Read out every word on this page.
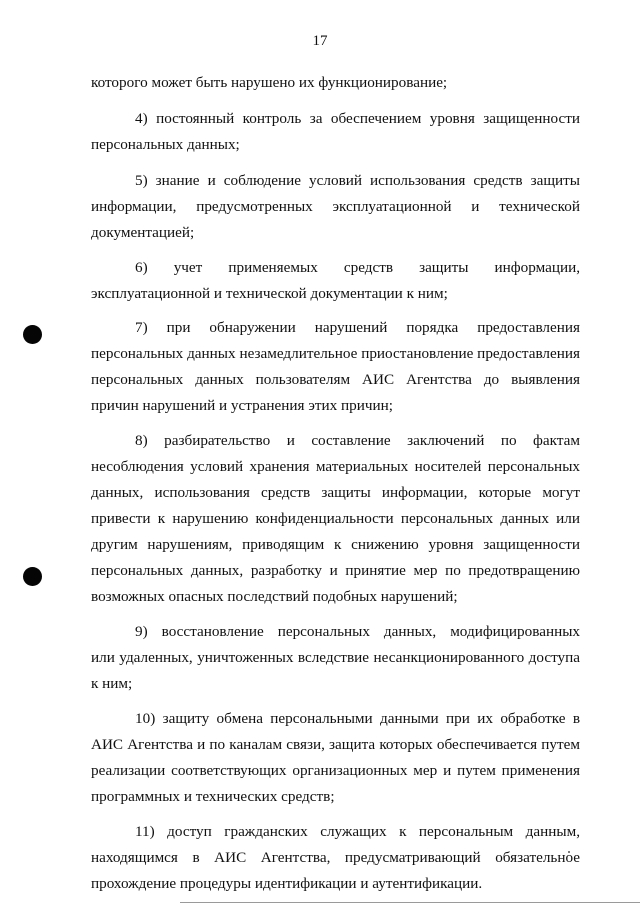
17
которого может быть нарушено их функционирование;
4) постоянный контроль за обеспечением уровня защищенности
персональных данных;
5) знание и соблюдение условий использования средств защиты
информации, предусмотренных эксплуатационной и технической
документацией;
6) учет применяемых средств защиты информации,
эксплуатационной и технической документации к ним;
7) при обнаружении нарушений порядка предоставления
персональных данных незамедлительное приостановление предоставления
персональных данных пользователям АИС Агентства до выявления
причин нарушений и устранения этих причин;
8) разбирательство и составление заключений по фактам
несоблюдения условий хранения материальных носителей персональных
данных, использования средств защиты информации, которые могут
привести к нарушению конфиденциальности персональных данных или
другим нарушениям, приводящим к снижению уровня защищенности
персональных данных, разработку и принятие мер по предотвращению
возможных опасных последствий подобных нарушений;
9) восстановление персональных данных, модифицированных
или удаленных, уничтоженных вследствие несанкционированного доступа
к ним;
10) защиту обмена персональными данными при их обработке в
АИС Агентства и по каналам связи, защита которых обеспечивается путем
реализации соответствующих организационных мер и путем применения
программных и технических средств;
11) доступ гражданских служащих к персональным данным,
находящимся в АИС Агентства, предусматривающий обязательное
прохождение процедуры идентификации и аутентификации.
